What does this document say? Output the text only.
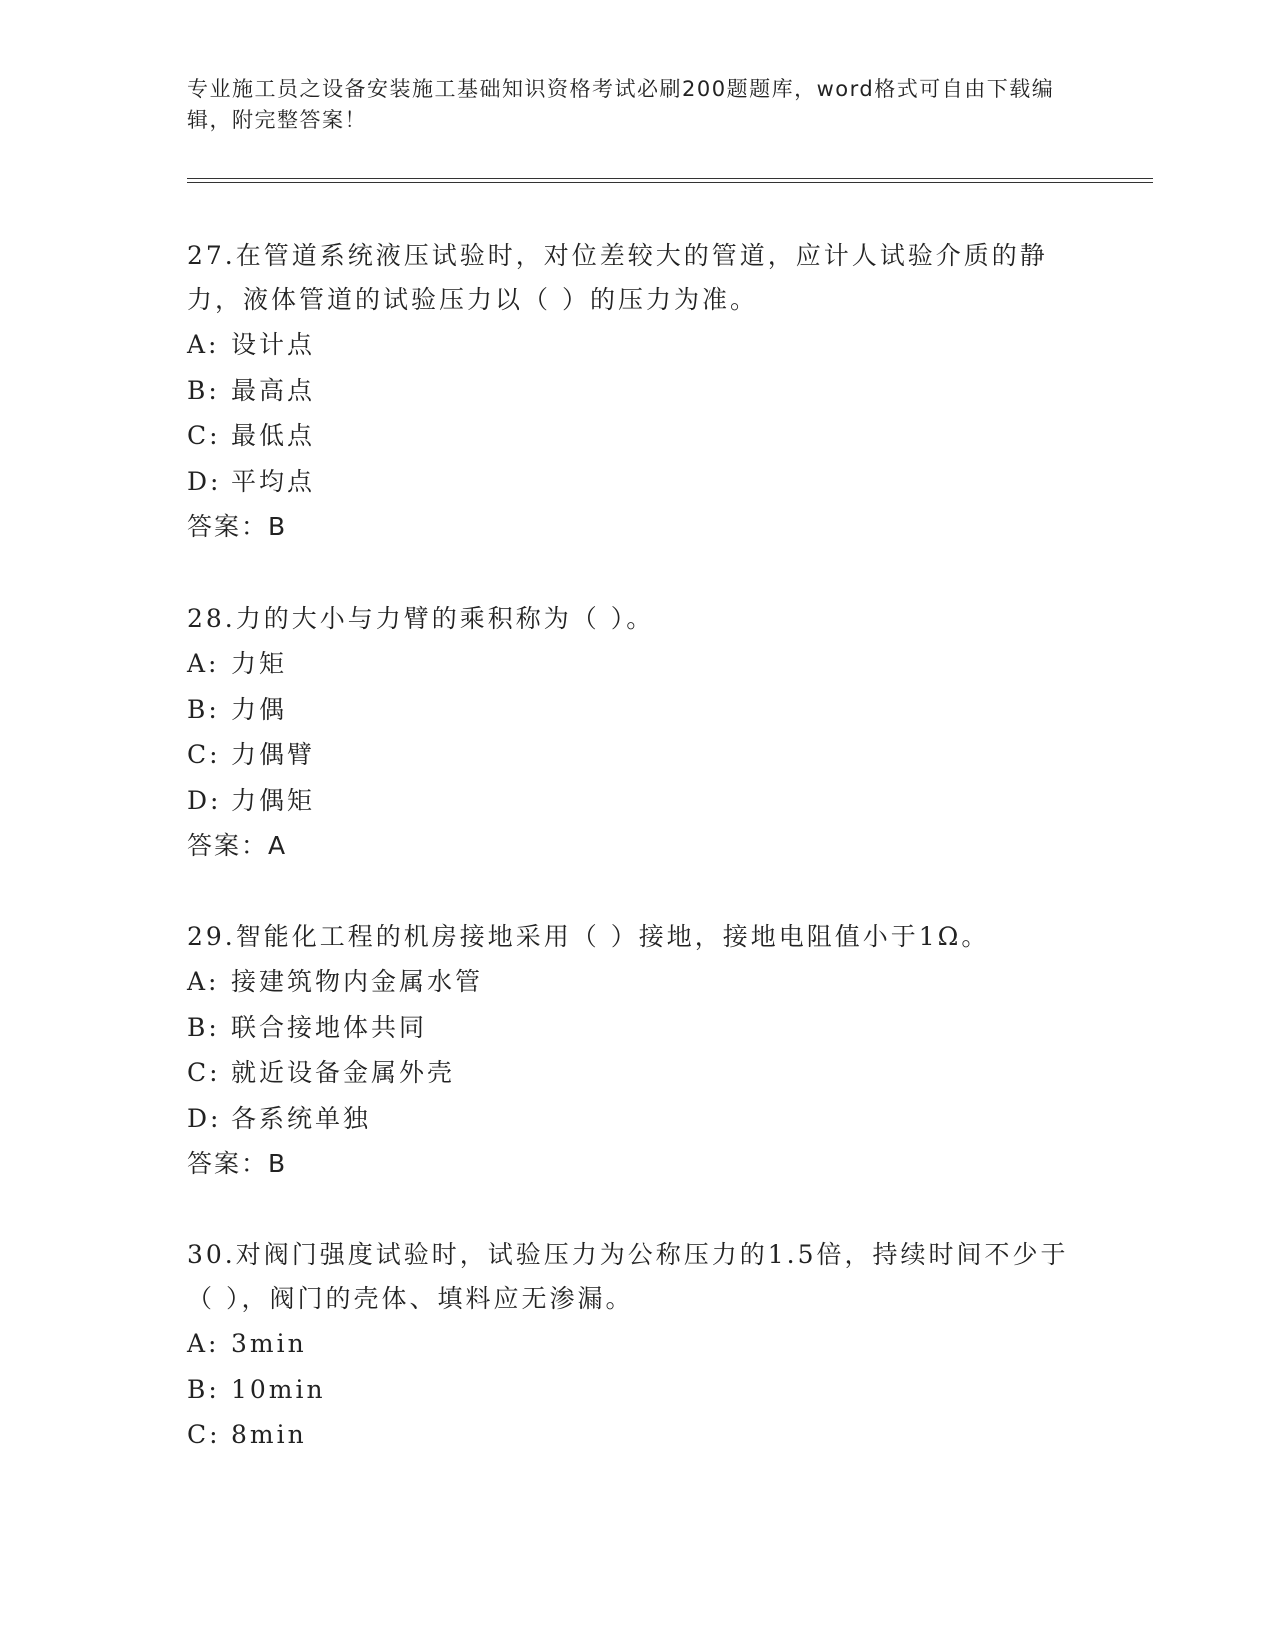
专业施工员之设备安装施工基础知识资格考试必刷200题题库，word格式可自由下载编辑，附完整答案！

27.在管道系统液压试验时，对位差较大的管道，应计人试验介质的静力，液体管道的试验压力以（ ）的压力为准。

A: 设计点

B: 最高点

C: 最低点

D: 平均点

答案：B

28.力的大小与力臂的乘积称为（ ）。

A: 力矩

B: 力偶

C: 力偶臂

D: 力偶矩

答案：A

29.智能化工程的机房接地采用（ ）接地，接地电阻值小于1Ω。

A: 接建筑物内金属水管

B: 联合接地体共同

C: 就近设备金属外壳

D: 各系统单独

答案：B

30.对阀门强度试验时，试验压力为公称压力的1.5倍，持续时间不少于（ ），阀门的壳体、填料应无渗漏。

A: 3min

B: 10min

C: 8min
